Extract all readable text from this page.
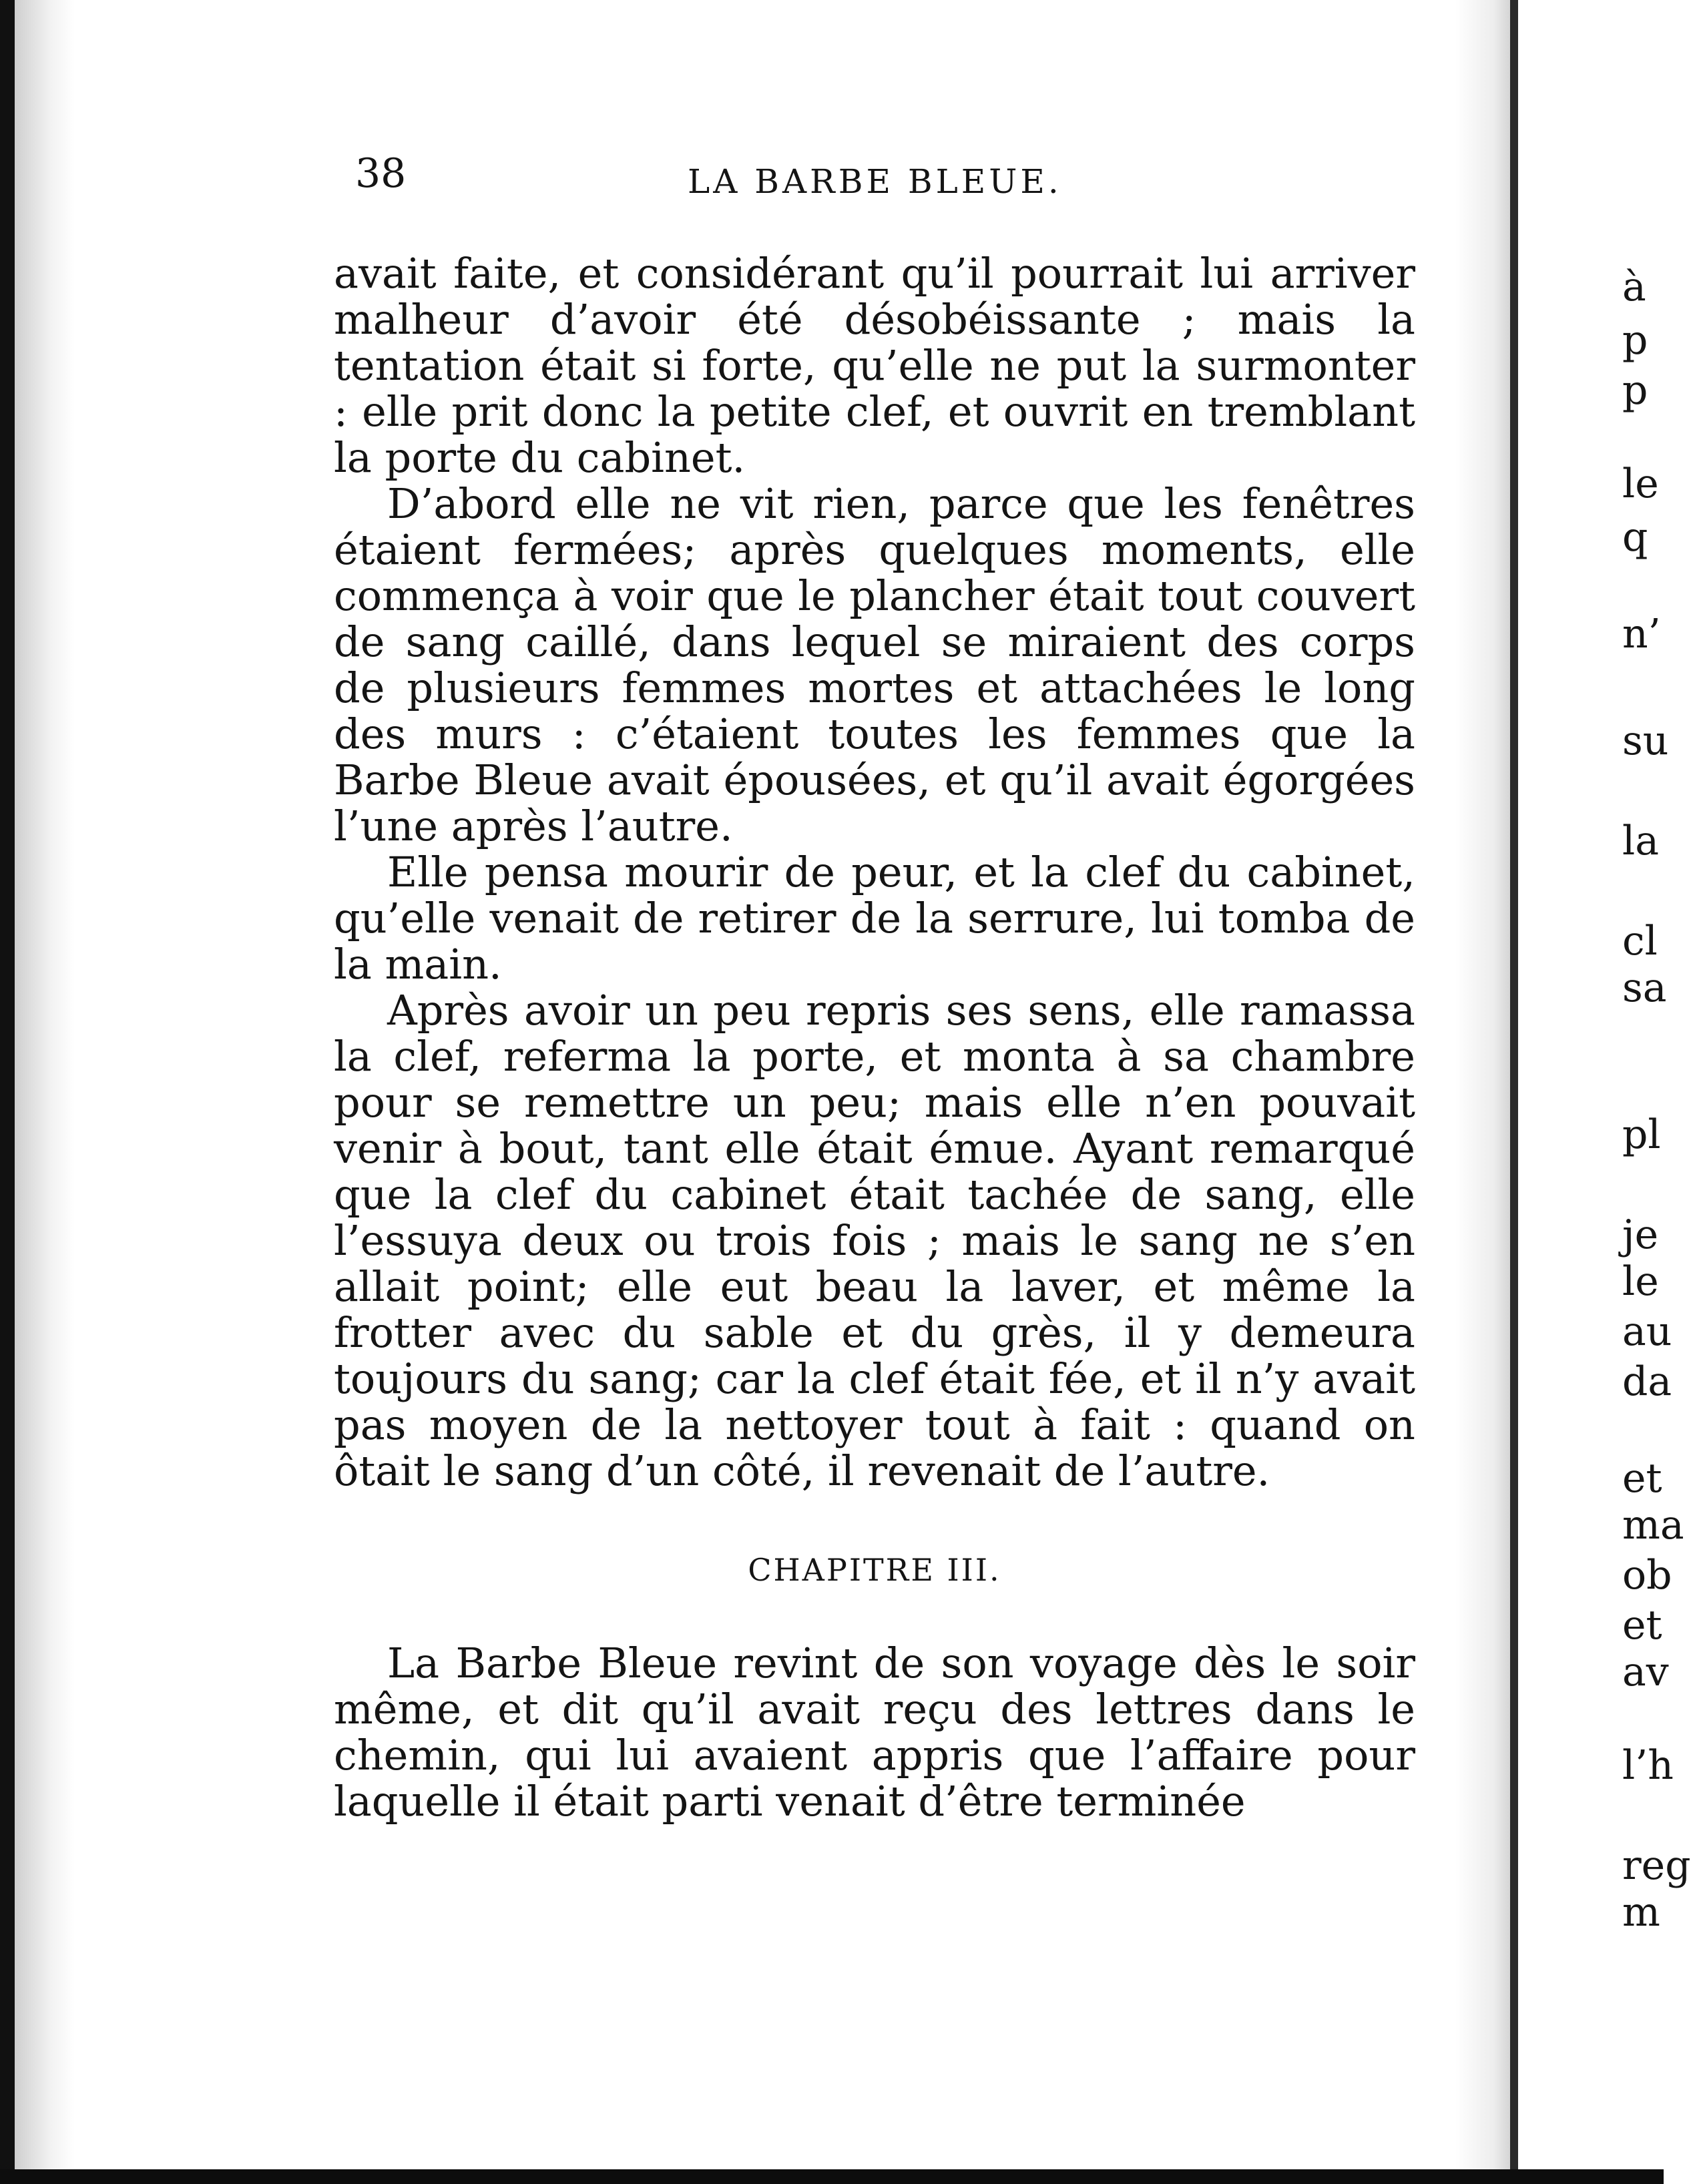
38	LA BARBE BLEUE.

avait faite, et considérant qu’il pourrait lui arriver malheur d’avoir été désobéissante ; mais la tentation était si forte, qu’elle ne put la surmonter : elle prit donc la petite clef, et ouvrit en tremblant la porte du cabinet.

D’abord elle ne vit rien, parce que les fenêtres étaient fermées; après quelques moments, elle commença à voir que le plancher était tout couvert de sang caillé, dans lequel se miraient des corps de plusieurs femmes mortes et attachées le long des murs : c’étaient toutes les femmes que la Barbe Bleue avait épousées, et qu’il avait égorgées l’une après l’autre.

Elle pensa mourir de peur, et la clef du cabinet, qu’elle venait de retirer de la serrure, lui tomba de la main.

Après avoir un peu repris ses sens, elle ramassa la clef, referma la porte, et monta à sa chambre pour se remettre un peu; mais elle n’en pouvait venir à bout, tant elle était émue. Ayant remarqué que la clef du cabinet était tachée de sang, elle l’essuya deux ou trois fois ; mais le sang ne s’en allait point; elle eut beau la laver, et même la frotter avec du sable et du grès, il y demeura toujours du sang; car la clef était fée, et il n’y avait pas moyen de la nettoyer tout à fait : quand on ôtait le sang d’un côté, il revenait de l’autre.

CHAPITRE III.

La Barbe Bleue revint de son voyage dès le soir même, et dit qu’il avait reçu des lettres dans le chemin, qui lui avaient appris que l’affaire pour laquelle il était parti venait d’être terminée

à
p
p
le
q
n’
su
la
cl
sa
pl
je
le
au
da
et
ma
ob
et
av
l’h
reg
m
